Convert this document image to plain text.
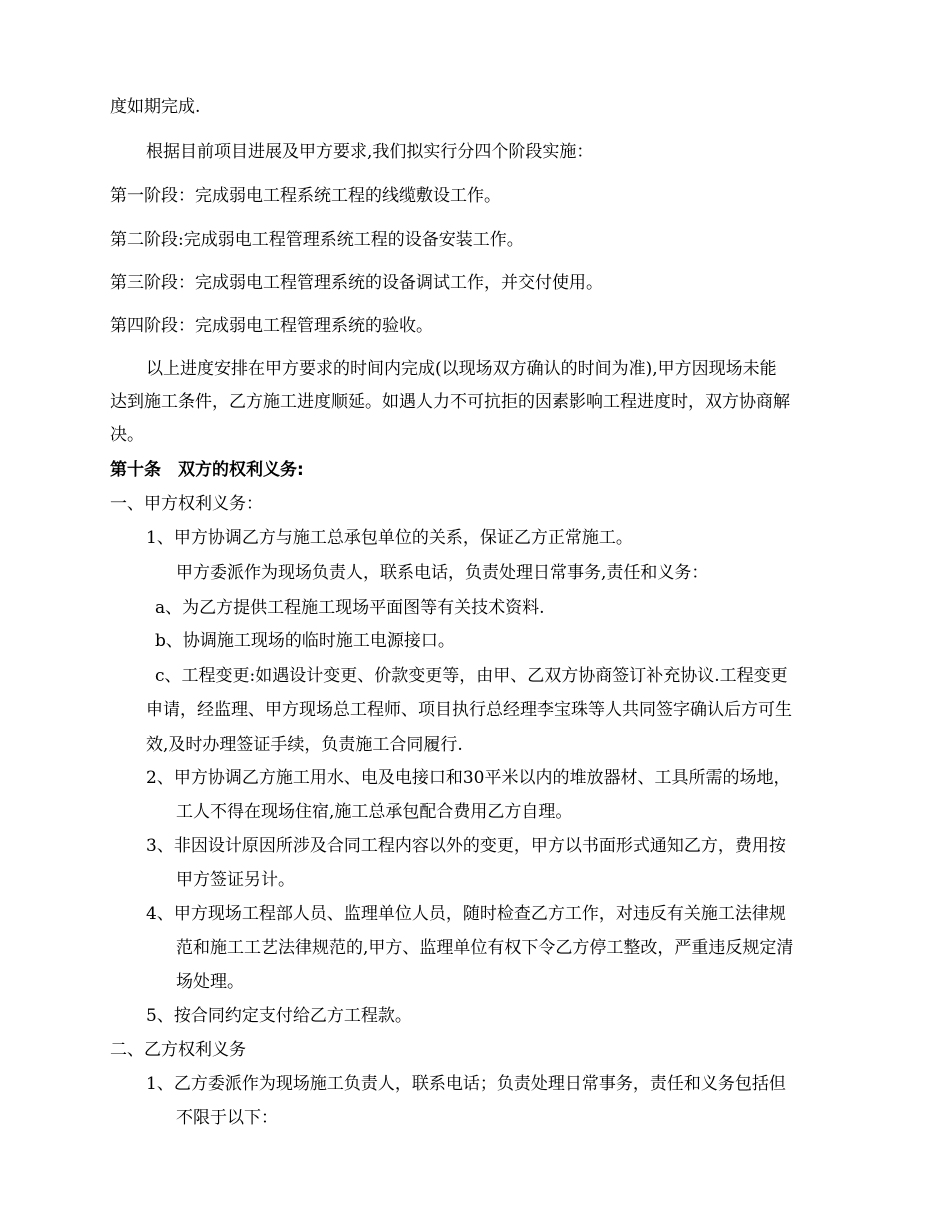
度如期完成.
根据目前项目进展及甲方要求,我们拟实行分四个阶段实施：
第一阶段：完成弱电工程系统工程的线缆敷设工作。
第二阶段:完成弱电工程管理系统工程的设备安装工作。
第三阶段：完成弱电工程管理系统的设备调试工作，并交付使用。
第四阶段：完成弱电工程管理系统的验收。
以上进度安排在甲方要求的时间内完成(以现场双方确认的时间为准),甲方因现场未能
达到施工条件，乙方施工进度顺延。如遇人力不可抗拒的因素影响工程进度时，双方协商解
决。
第十条　双方的权利义务:
一、甲方权利义务：
1、甲方协调乙方与施工总承包单位的关系，保证乙方正常施工。
甲方委派作为现场负责人，联系电话，负责处理日常事务,责任和义务：
a、为乙方提供工程施工现场平面图等有关技术资料.
b、协调施工现场的临时施工电源接口。
c、工程变更:如遇设计变更、价款变更等，由甲、乙双方协商签订补充协议.工程变更
申请，经监理、甲方现场总工程师、项目执行总经理李宝珠等人共同签字确认后方可生
效,及时办理签证手续，负责施工合同履行.
2、甲方协调乙方施工用水、电及电接口和30平米以内的堆放器材、工具所需的场地，
工人不得在现场住宿,施工总承包配合费用乙方自理。
3、非因设计原因所涉及合同工程内容以外的变更，甲方以书面形式通知乙方，费用按
甲方签证另计。
4、甲方现场工程部人员、监理单位人员，随时检查乙方工作，对违反有关施工法律规
范和施工工艺法律规范的,甲方、监理单位有权下令乙方停工整改，严重违反规定清
场处理。
5、按合同约定支付给乙方工程款。
二、乙方权利义务
1、乙方委派作为现场施工负责人，联系电话；负责处理日常事务，责任和义务包括但
不限于以下：
